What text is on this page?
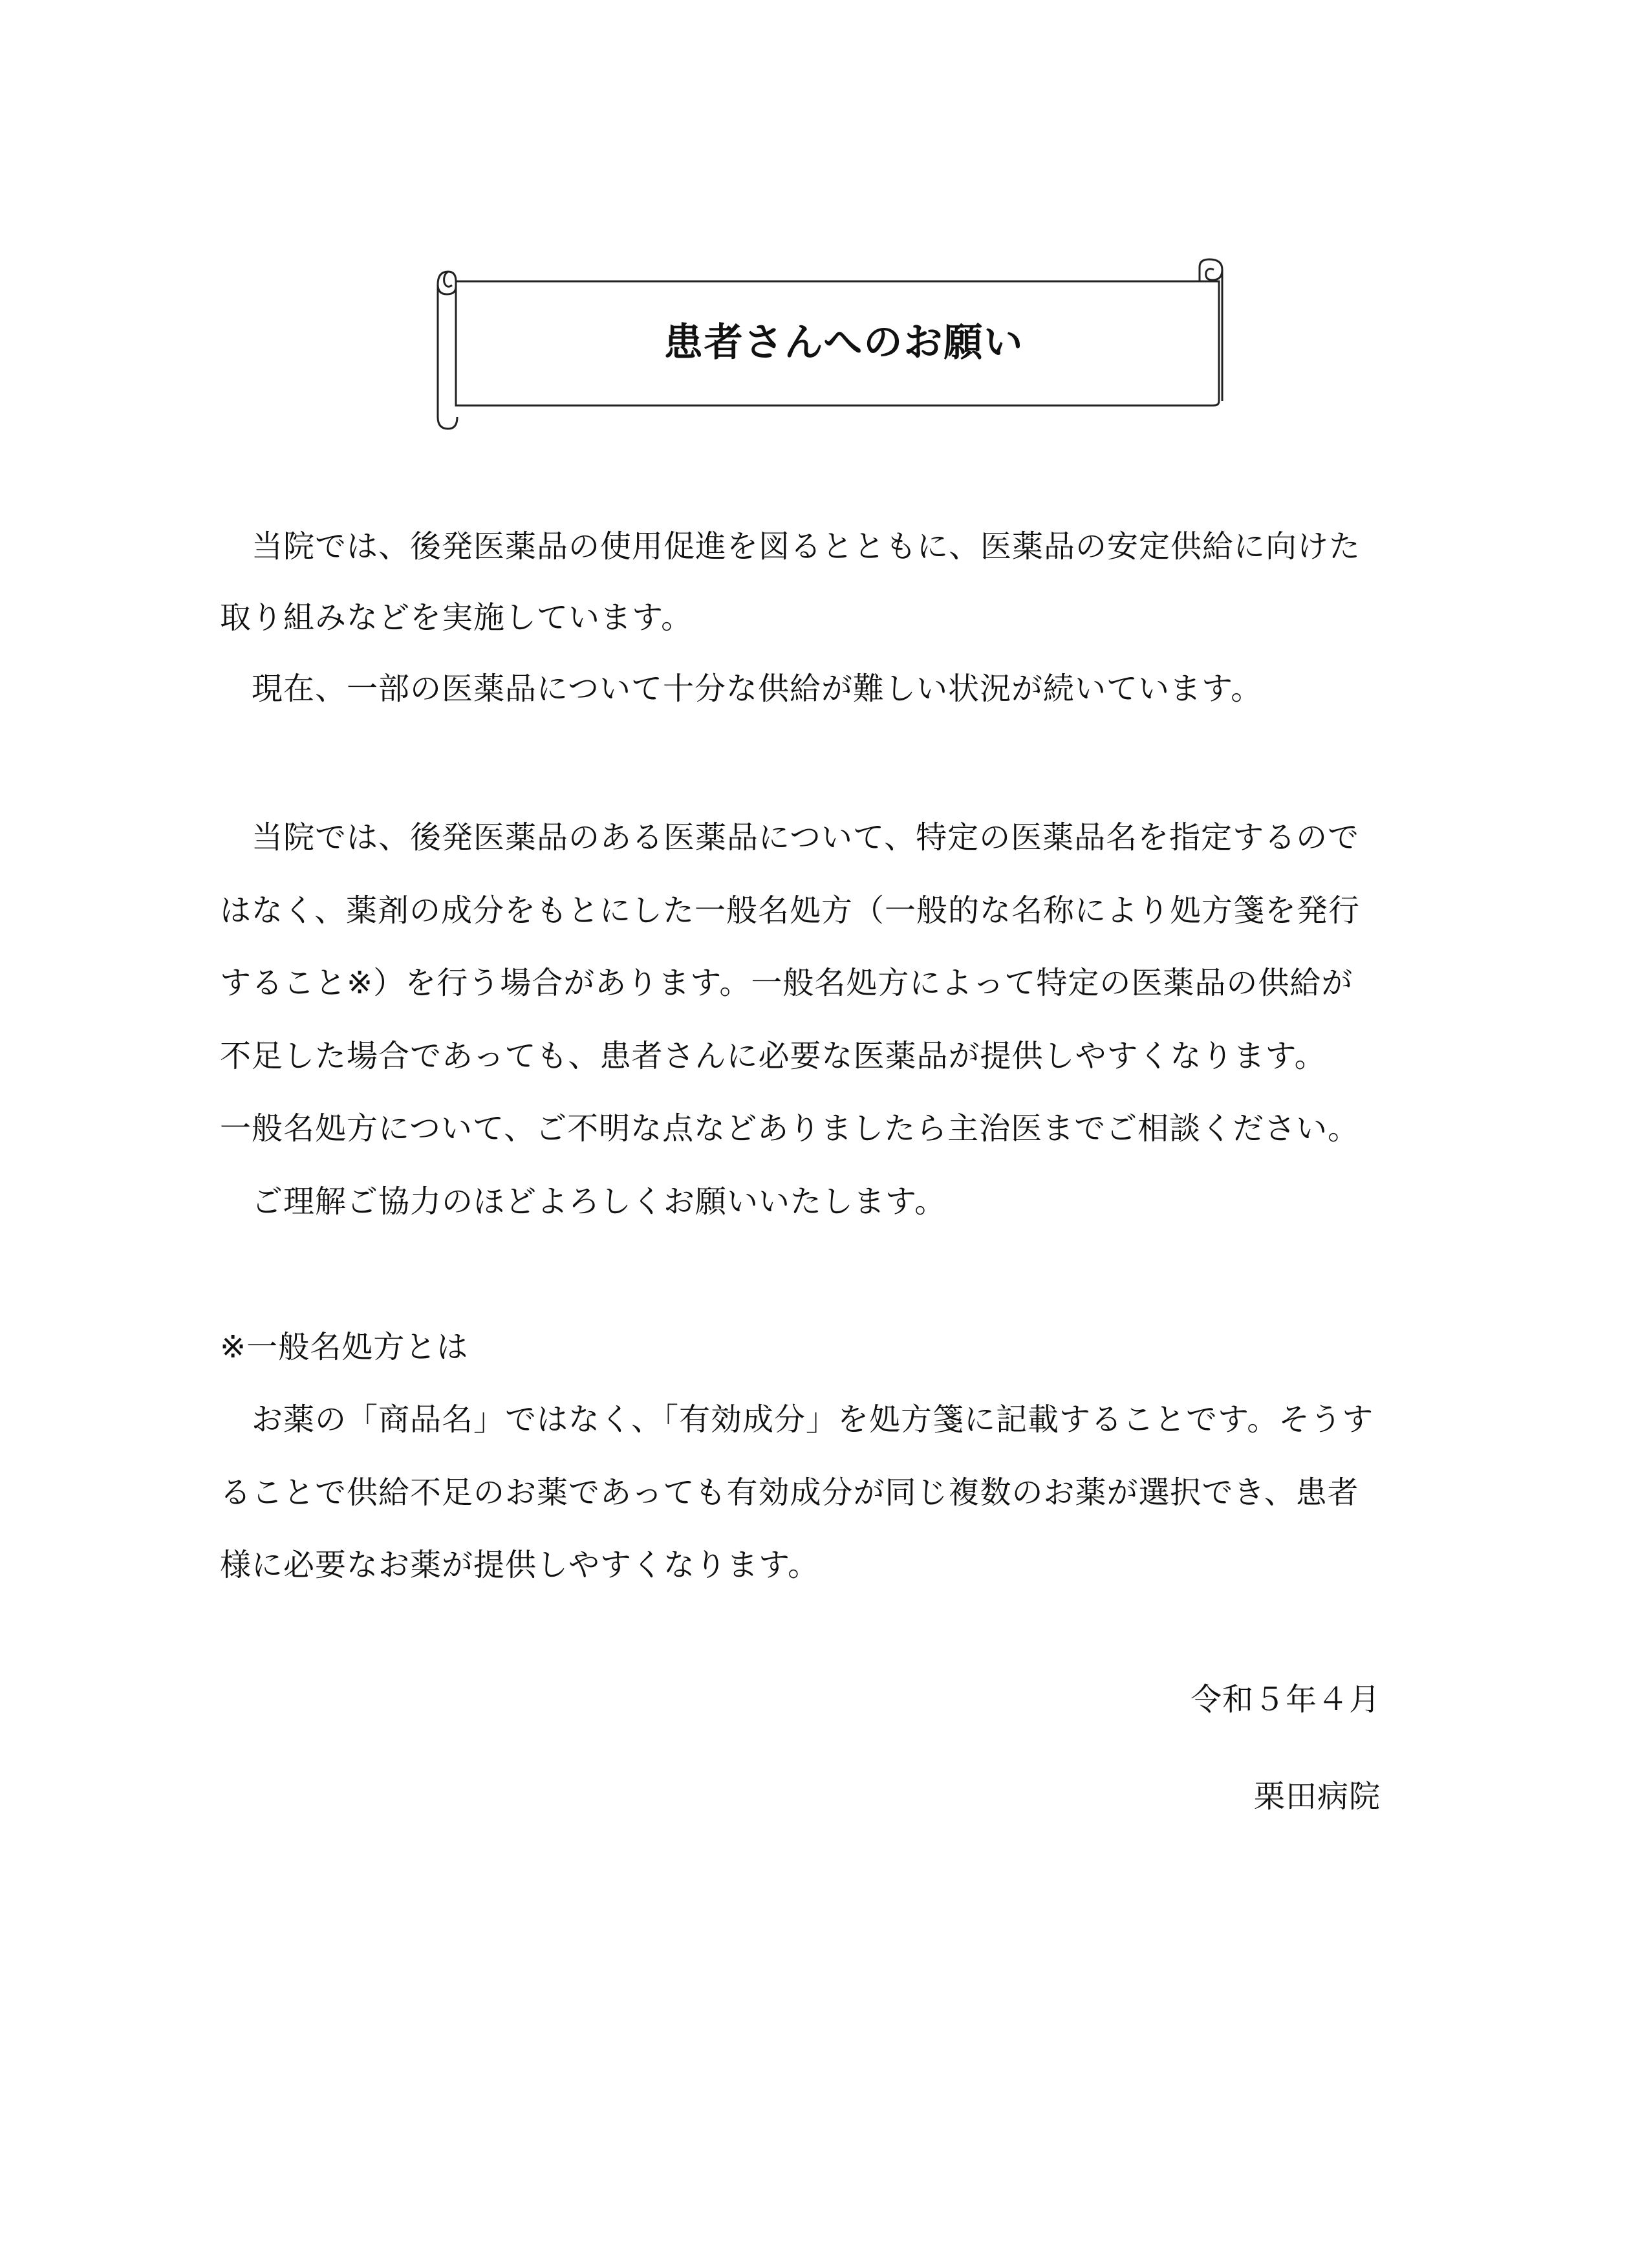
患者さんへのお願い
　当院では、後発医薬品の使用促進を図るとともに、医薬品の安定供給に向けた
取り組みなどを実施しています。
　現在、一部の医薬品について十分な供給が難しい状況が続いています。
　当院では、後発医薬品のある医薬品について、特定の医薬品名を指定するので
はなく、薬剤の成分をもとにした一般名処方（一般的な名称により処方箋を発行
すること※）を行う場合があります。一般名処方によって特定の医薬品の供給が
不足した場合であっても、患者さんに必要な医薬品が提供しやすくなります。
一般名処方について、ご不明な点などありましたら主治医までご相談ください。
　ご理解ご協力のほどよろしくお願いいたします。
※一般名処方とは
　お薬の「商品名」ではなく、「有効成分」を処方箋に記載することです。そうす
ることで供給不足のお薬であっても有効成分が同じ複数のお薬が選択でき、患者
様に必要なお薬が提供しやすくなります。
令和５年４月
栗田病院
